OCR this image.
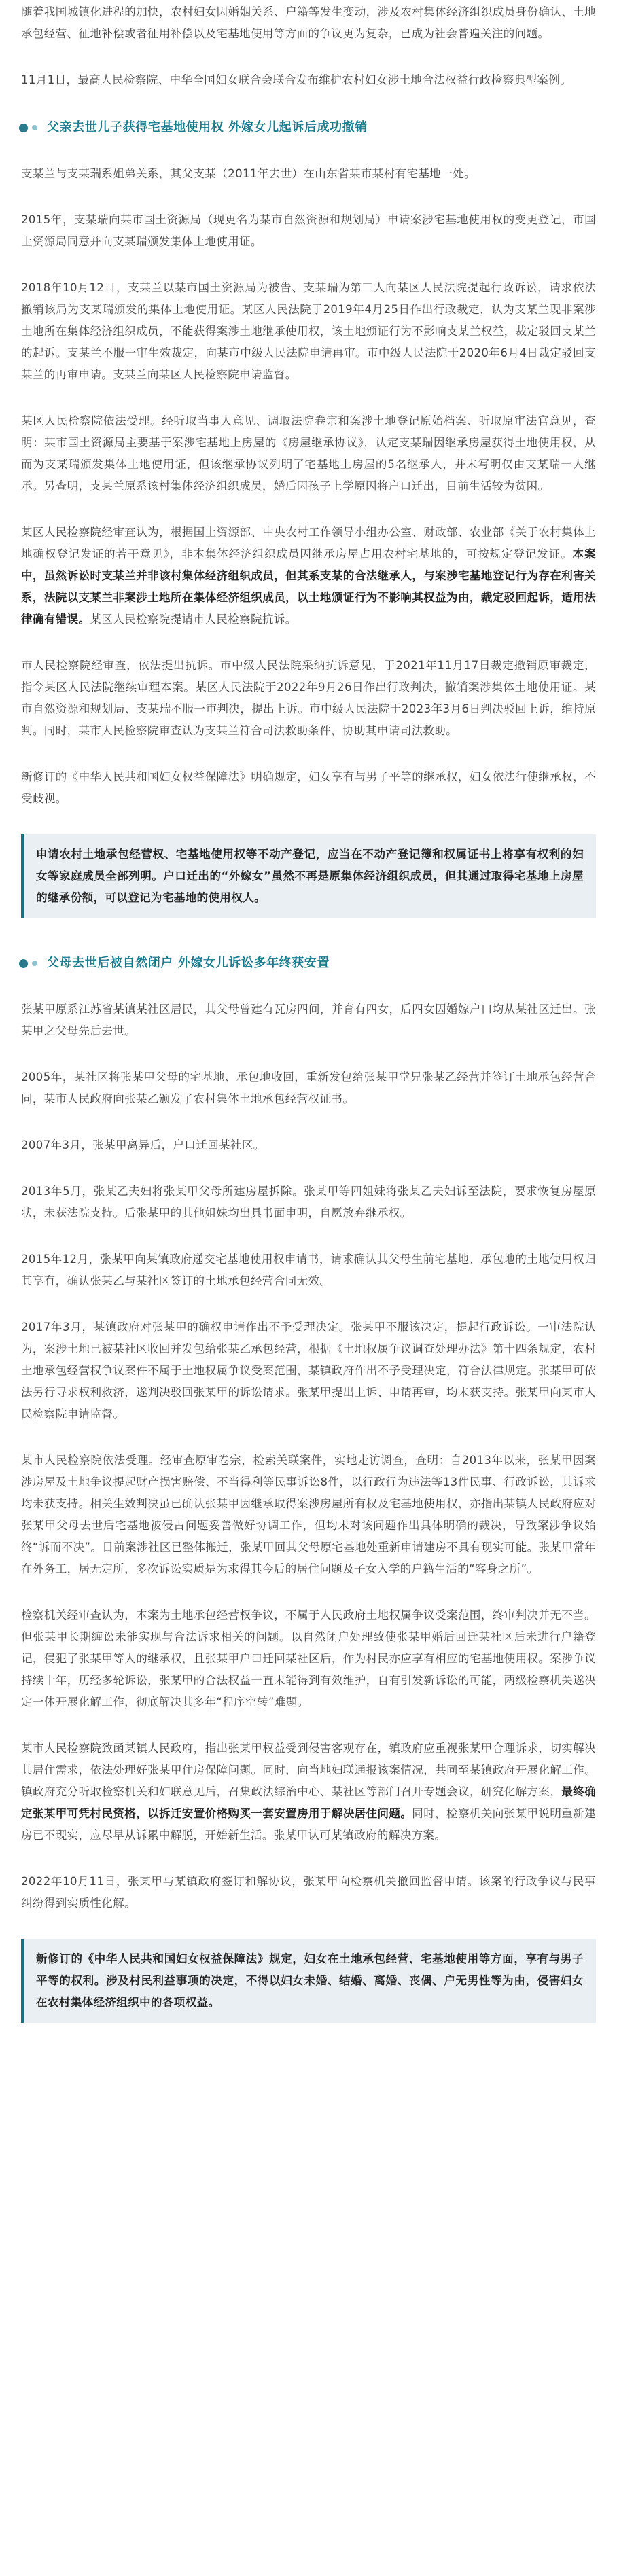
随着我国城镇化进程的加快，农村妇女因婚姻关系、户籍等发生变动，涉及农村集体经济组织成员身份确认、土地承包经营、征地补偿或者征用补偿以及宅基地使用等方面的争议更为复杂，已成为社会普遍关注的问题。

11月1日，最高人民检察院、中华全国妇女联合会联合发布维护农村妇女涉土地合法权益行政检察典型案例。

父亲去世儿子获得宅基地使用权 外嫁女儿起诉后成功撤销

支某兰与支某瑞系姐弟关系，其父支某（2011年去世）在山东省某市某村有宅基地一处。

2015年，支某瑞向某市国土资源局（现更名为某市自然资源和规划局）申请案涉宅基地使用权的变更登记，市国土资源局同意并向支某瑞颁发集体土地使用证。

2018年10月12日，支某兰以某市国土资源局为被告、支某瑞为第三人向某区人民法院提起行政诉讼，请求依法撤销该局为支某瑞颁发的集体土地使用证。某区人民法院于2019年4月25日作出行政裁定，认为支某兰现非案涉土地所在集体经济组织成员，不能获得案涉土地继承使用权，该土地颁证行为不影响支某兰权益，裁定驳回支某兰的起诉。支某兰不服一审生效裁定，向某市中级人民法院申请再审。市中级人民法院于2020年6月4日裁定驳回支某兰的再审申请。支某兰向某区人民检察院申请监督。

某区人民检察院依法受理。经听取当事人意见、调取法院卷宗和案涉土地登记原始档案、听取原审法官意见，查明：某市国土资源局主要基于案涉宅基地上房屋的《房屋继承协议》，认定支某瑞因继承房屋获得土地使用权，从而为支某瑞颁发集体土地使用证，但该继承协议列明了宅基地上房屋的5名继承人，并未写明仅由支某瑞一人继承。另查明，支某兰原系该村集体经济组织成员，婚后因孩子上学原因将户口迁出，目前生活较为贫困。

某区人民检察院经审查认为，根据国土资源部、中央农村工作领导小组办公室、财政部、农业部《关于农村集体土地确权登记发证的若干意见》，非本集体经济组织成员因继承房屋占用农村宅基地的，可按规定登记发证。本案中，虽然诉讼时支某兰并非该村集体经济组织成员，但其系支某的合法继承人，与案涉宅基地登记行为存在利害关系，法院以支某兰非案涉土地所在集体经济组织成员，以土地颁证行为不影响其权益为由，裁定驳回起诉，适用法律确有错误。某区人民检察院提请市人民检察院抗诉。

市人民检察院经审查，依法提出抗诉。市中级人民法院采纳抗诉意见，于2021年11月17日裁定撤销原审裁定，指令某区人民法院继续审理本案。某区人民法院于2022年9月26日作出行政判决，撤销案涉集体土地使用证。某市自然资源和规划局、支某瑞不服一审判决，提出上诉。市中级人民法院于2023年3月6日判决驳回上诉，维持原判。同时，某市人民检察院审查认为支某兰符合司法救助条件，协助其申请司法救助。

新修订的《中华人民共和国妇女权益保障法》明确规定，妇女享有与男子平等的继承权，妇女依法行使继承权，不受歧视。

申请农村土地承包经营权、宅基地使用权等不动产登记，应当在不动产登记簿和权属证书上将享有权利的妇女等家庭成员全部列明。户口迁出的“外嫁女”虽然不再是原集体经济组织成员，但其通过取得宅基地上房屋的继承份额，可以登记为宅基地的使用权人。
父母去世后被自然闭户 外嫁女儿诉讼多年终获安置

张某甲原系江苏省某镇某社区居民，其父母曾建有瓦房四间，并育有四女，后四女因婚嫁户口均从某社区迁出。张某甲之父母先后去世。

2005年，某社区将张某甲父母的宅基地、承包地收回，重新发包给张某甲堂兄张某乙经营并签订土地承包经营合同，某市人民政府向张某乙颁发了农村集体土地承包经营权证书。

2007年3月，张某甲离异后，户口迁回某社区。

2013年5月，张某乙夫妇将张某甲父母所建房屋拆除。张某甲等四姐妹将张某乙夫妇诉至法院，要求恢复房屋原状，未获法院支持。后张某甲的其他姐妹均出具书面申明，自愿放弃继承权。

2015年12月，张某甲向某镇政府递交宅基地使用权申请书，请求确认其父母生前宅基地、承包地的土地使用权归其享有，确认张某乙与某社区签订的土地承包经营合同无效。

2017年3月，某镇政府对张某甲的确权申请作出不予受理决定。张某甲不服该决定，提起行政诉讼。一审法院认为，案涉土地已被某社区收回并发包给张某乙承包经营，根据《土地权属争议调查处理办法》第十四条规定，农村土地承包经营权争议案件不属于土地权属争议受案范围，某镇政府作出不予受理决定，符合法律规定。张某甲可依法另行寻求权利救济，遂判决驳回张某甲的诉讼请求。张某甲提出上诉、申请再审，均未获支持。张某甲向某市人民检察院申请监督。

某市人民检察院依法受理。经审查原审卷宗，检索关联案件，实地走访调查，查明：自2013年以来，张某甲因案涉房屋及土地争议提起财产损害赔偿、不当得利等民事诉讼8件，以行政行为违法等13件民事、行政诉讼，其诉求均未获支持。相关生效判决虽已确认张某甲因继承取得案涉房屋所有权及宅基地使用权，亦指出某镇人民政府应对张某甲父母去世后宅基地被侵占问题妥善做好协调工作，但均未对该问题作出具体明确的裁决，导致案涉争议始终“诉而不决”。目前案涉社区已整体搬迁，张某甲回其父母原宅基地处重新申请建房不具有现实可能。张某甲常年在外务工，居无定所，多次诉讼实质是为求得其今后的居住问题及子女入学的户籍生活的“容身之所”。

检察机关经审查认为，本案为土地承包经营权争议，不属于人民政府土地权属争议受案范围，终审判决并无不当。但张某甲长期缠讼未能实现与合法诉求相关的问题。以自然闭户处理致使张某甲婚后回迁某社区后未进行户籍登记，侵犯了张某甲等人的继承权，且张某甲户口迁回某社区后，作为村民亦应享有相应的宅基地使用权。案涉争议持续十年，历经多轮诉讼，张某甲的合法权益一直未能得到有效维护，自有引发新诉讼的可能，两级检察机关遂决定一体开展化解工作，彻底解决其多年“程序空转”难题。

某市人民检察院致函某镇人民政府，指出张某甲权益受到侵害客观存在，镇政府应重视张某甲合理诉求，切实解决其居住需求，依法处理好张某甲住房保障问题。同时，向当地妇联通报该案情况，共同至某镇政府开展化解工作。镇政府充分听取检察机关和妇联意见后，召集政法综治中心、某社区等部门召开专题会议，研究化解方案，最终确定张某甲可凭村民资格，以拆迁安置价格购买一套安置房用于解决居住问题。同时，检察机关向张某甲说明重新建房已不现实，应尽早从诉累中解脱，开始新生活。张某甲认可某镇政府的解决方案。

2022年10月11日，张某甲与某镇政府签订和解协议，张某甲向检察机关撤回监督申请。该案的行政争议与民事纠纷得到实质性化解。

新修订的《中华人民共和国妇女权益保障法》规定，妇女在土地承包经营、宅基地使用等方面，享有与男子平等的权利。涉及村民利益事项的决定，不得以妇女未婚、结婚、离婚、丧偶、户无男性等为由，侵害妇女在农村集体经济组织中的各项权益。
